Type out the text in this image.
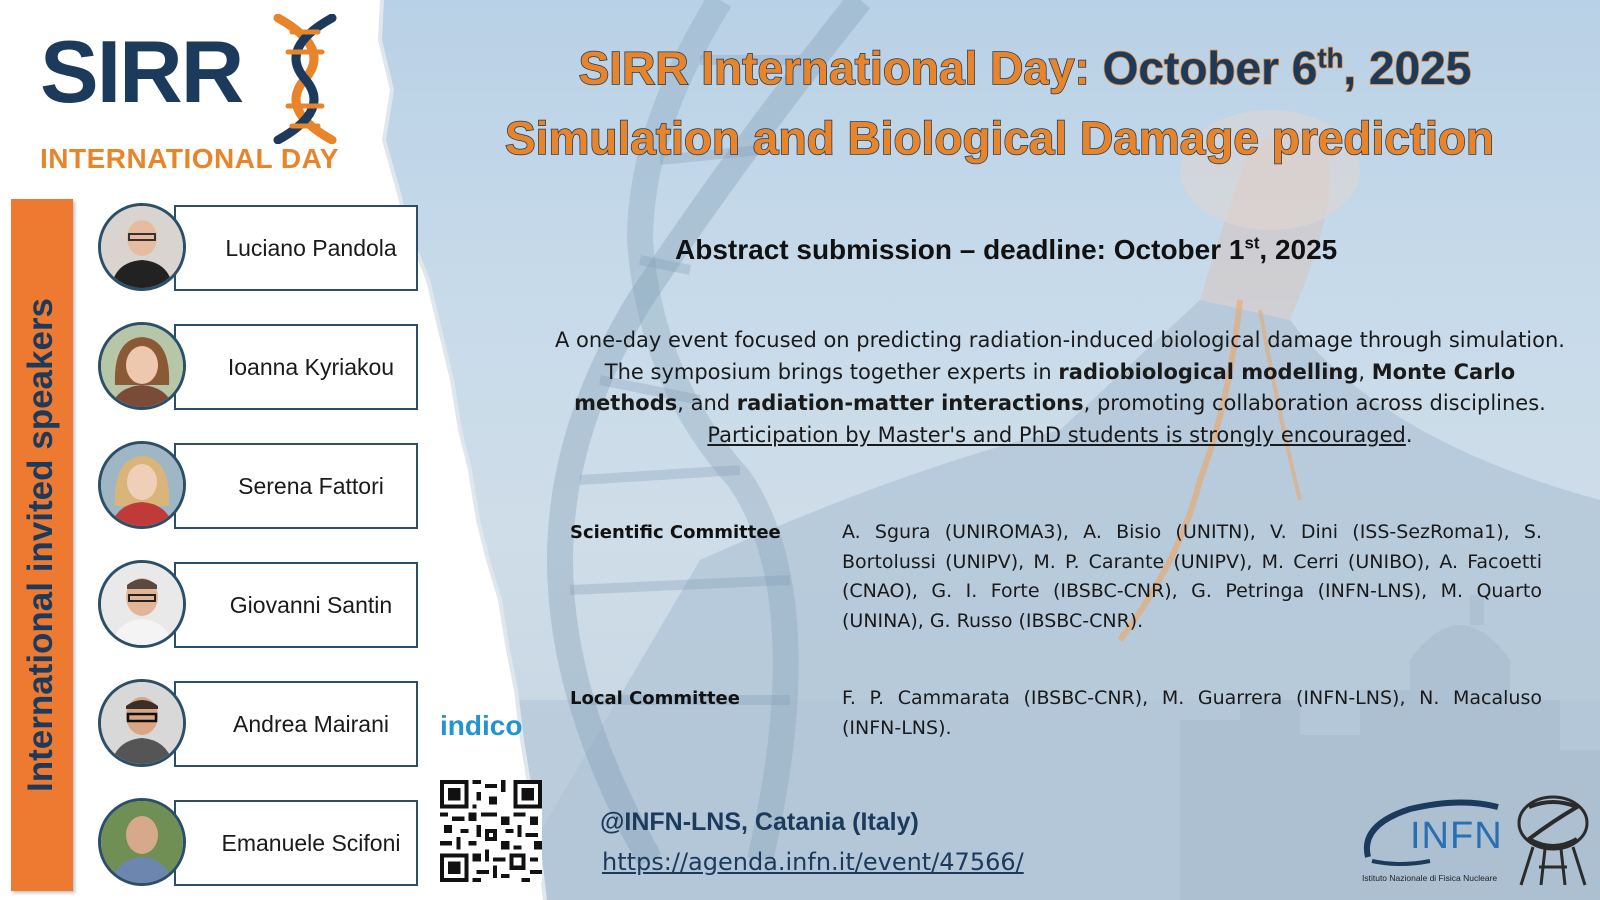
SIRR
INTERNATIONAL DAY
International invited speakers
Luciano Pandola
Ioanna Kyriakou
Serena Fattori
Giovanni Santin
Andrea Mairani
Emanuele Scifoni
indico
SIRR International Day: October 6th, 2025
Simulation and Biological Damage prediction
Abstract submission – deadline: October 1st, 2025
A one-day event focused on predicting radiation-induced biological damage through simulation. The symposium brings together experts in radiobiological modelling, Monte Carlo methods, and radiation-matter interactions, promoting collaboration across disciplines. Participation by Master's and PhD students is strongly encouraged.
Scientific Committee	A. Sgura (UNIROMA3), A. Bisio (UNITN), V. Dini (ISS-SezRoma1), S. Bortolussi (UNIPV), M. P. Carante (UNIPV), M. Cerri (UNIBO), A. Facoetti (CNAO), G. I. Forte (IBSBC-CNR), G. Petringa (INFN-LNS), M. Quarto (UNINA), G. Russo (IBSBC-CNR).
Local Committee	F. P. Cammarata (IBSBC-CNR), M. Guarrera (INFN-LNS), N. Macaluso (INFN-LNS).
@INFN-LNS, Catania (Italy)
https://agenda.infn.it/event/47566/
INFN
Istituto Nazionale di Fisica Nucleare
